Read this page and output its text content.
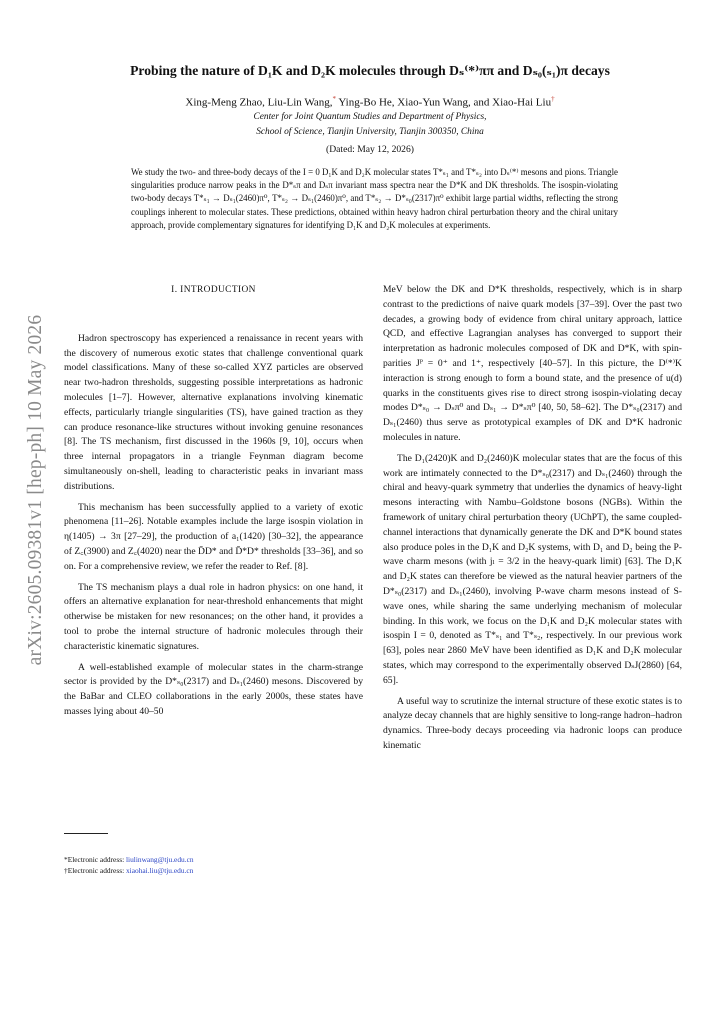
arXiv:2605.09381v1 [hep-ph] 10 May 2026
Probing the nature of D₁K and D₂K molecules through Dₛ⁽*⁾ππ and Dₛ₀(ₛ₁)π decays
Xing-Meng Zhao, Liu-Lin Wang,* Ying-Bo He, Xiao-Yun Wang, and Xiao-Hai Liu†
Center for Joint Quantum Studies and Department of Physics,
School of Science, Tianjin University, Tianjin 300350, China
(Dated: May 12, 2026)

We study the two- and three-body decays of the I = 0 D₁K and D₂K molecular states T*ₛ₁ and T*ₛ₂ into Dₛ⁽*⁾ mesons and pions. Triangle singularities produce narrow peaks in the D*ₛπ and Dₛπ invariant mass spectra near the D*K and DK thresholds. The isospin-violating two-body decays T*ₛ₁ → Dₛ₁(2460)π⁰, T*ₛ₂ → Dₛ₁(2460)π⁰, and T*ₛ₂ → D*ₛ₀(2317)π⁰ exhibit large partial widths, reflecting the strong couplings inherent to molecular states. These predictions, obtained within heavy hadron chiral perturbation theory and the chiral unitary approach, provide complementary signatures for identifying D₁K and D₂K molecules at experiments.

I. INTRODUCTION

Hadron spectroscopy has experienced a renaissance in recent years with the discovery of numerous exotic states that challenge conventional quark model classifications. Many of these so-called XYZ particles are observed near two-hadron thresholds, suggesting possible interpretations as hadronic molecules [1–7]. However, alternative explanations involving kinematic effects, particularly triangle singularities (TS), have gained traction as they can produce resonance-like structures without invoking genuine resonances [8]. The TS mechanism, first discussed in the 1960s [9, 10], occurs when three internal propagators in a triangle Feynman diagram become simultaneously on-shell, leading to characteristic peaks in invariant mass distributions.

This mechanism has been successfully applied to a variety of exotic phenomena [11–26]. Notable examples include the large isospin violation in η(1405) → 3π [27–29], the production of a₁(1420) [30–32], the appearance of Z꜀(3900) and Z꜀(4020) near the D̄D* and D̄*D* thresholds [33–36], and so on. For a comprehensive review, we refer the reader to Ref. [8].

The TS mechanism plays a dual role in hadron physics: on one hand, it offers an alternative explanation for near-threshold enhancements that might otherwise be mistaken for new resonances; on the other hand, it provides a tool to probe the internal structure of hadronic molecules through their characteristic kinematic signatures.

A well-established example of molecular states in the charm-strange sector is provided by the D*ₛ₀(2317) and Dₛ₁(2460) mesons. Discovered by the BaBar and CLEO collaborations in the early 2000s, these states have masses lying about 40–50

MeV below the DK and D*K thresholds, respectively, which is in sharp contrast to the predictions of naive quark models [37–39]. Over the past two decades, a growing body of evidence from chiral unitary approach, lattice QCD, and effective Lagrangian analyses has converged to support their interpretation as hadronic molecules composed of DK and D*K, with spin-parities Jᴾ = 0⁺ and 1⁺, respectively [40–57]. In this picture, the D⁽*⁾K interaction is strong enough to form a bound state, and the presence of u(d) quarks in the constituents gives rise to direct strong isospin-violating decay modes D*ₛ₀ → Dₛπ⁰ and Dₛ₁ → D*ₛπ⁰ [40, 50, 58–62]. The D*ₛ₀(2317) and Dₛ₁(2460) thus serve as prototypical examples of DK and D*K hadronic molecules in nature.

The D₁(2420)K and D₂(2460)K molecular states that are the focus of this work are intimately connected to the D*ₛ₀(2317) and Dₛ₁(2460) through the chiral and heavy-quark symmetry that underlies the dynamics of heavy-light mesons interacting with Nambu–Goldstone bosons (NGBs). Within the framework of unitary chiral perturbation theory (UChPT), the same coupled-channel interactions that dynamically generate the DK and D*K bound states also produce poles in the D₁K and D₂K systems, with D₁ and D₂ being the P-wave charm mesons (with jₗ = 3/2 in the heavy-quark limit) [63]. The D₁K and D₂K states can therefore be viewed as the natural heavier partners of the D*ₛ₀(2317) and Dₛ₁(2460), involving P-wave charm mesons instead of S-wave ones, while sharing the same underlying mechanism of molecular binding. In this work, we focus on the D₁K and D₂K molecular states with isospin I = 0, denoted as T*ₛ₁ and T*ₛ₂, respectively. In our previous work [63], poles near 2860 MeV have been identified as D₁K and D₂K molecular states, which may correspond to the experimentally observed DₛJ(2860) [64, 65].

A useful way to scrutinize the internal structure of these exotic states is to analyze decay channels that are highly sensitive to long-range hadron–hadron dynamics. Three-body decays proceeding via hadronic loops can produce kinematic

*Electronic address: liulinwang@tju.edu.cn
†Electronic address: xiaohai.liu@tju.edu.cn
